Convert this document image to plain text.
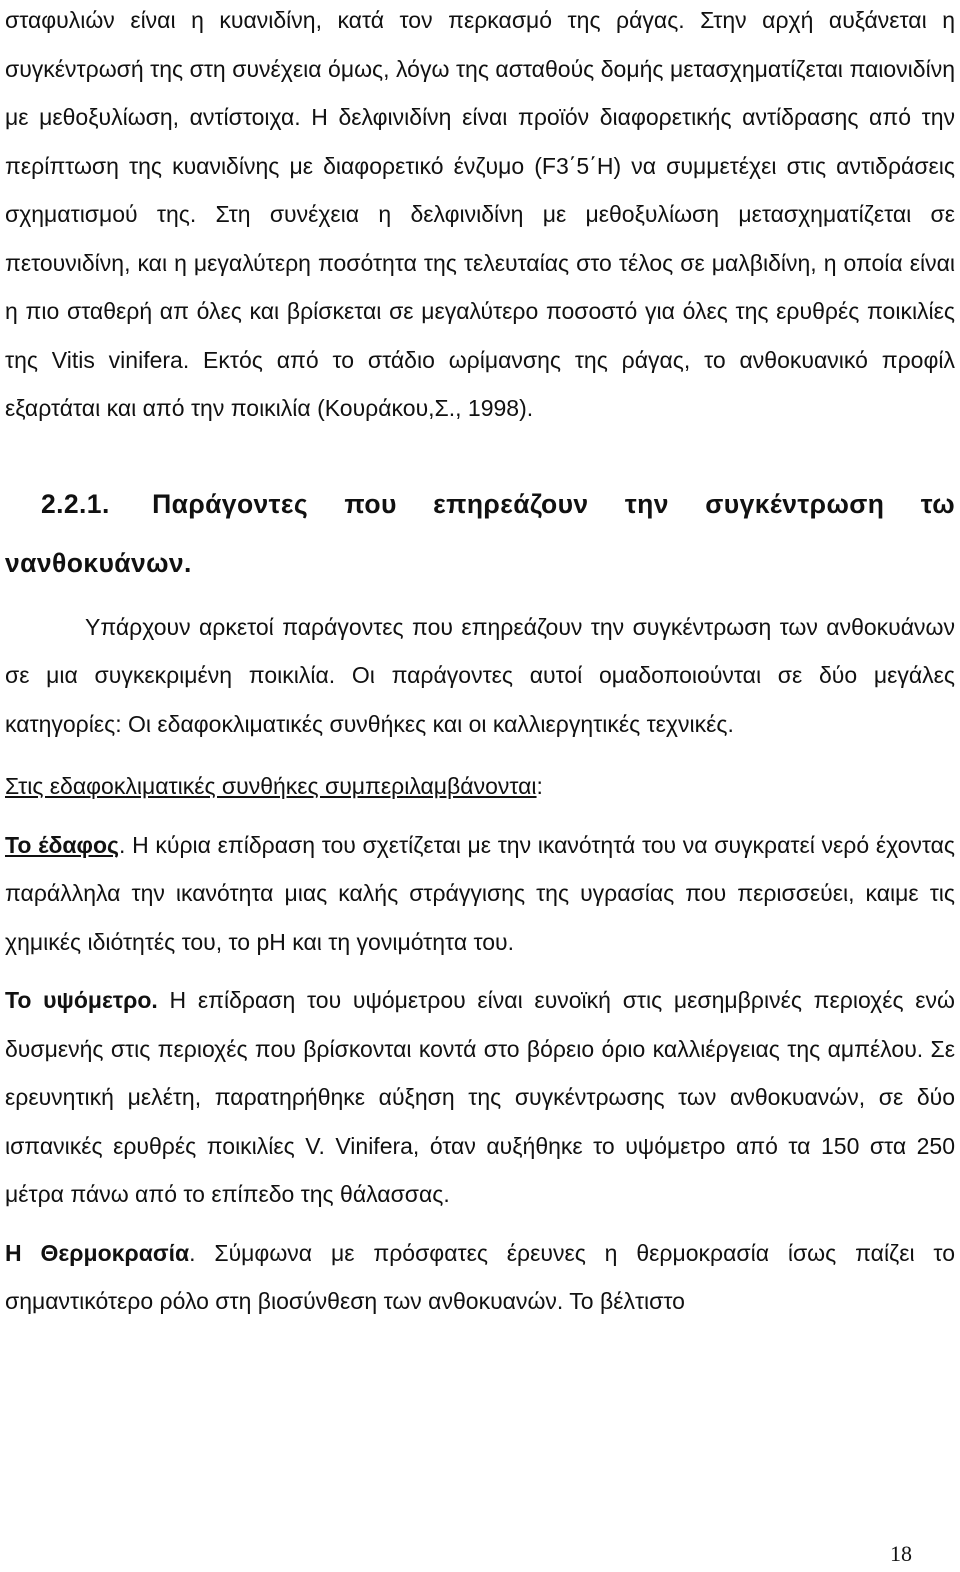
σταφυλιών είναι η κυανιδίνη, κατά τον περκασμό της ράγας. Στην αρχή αυξάνεται η συγκέντρωσή της στη συνέχεια όμως, λόγω της ασταθούς δομής μετασχηματίζεται παιονιδίνη με μεθοξυλίωση, αντίστοιχα. Η δελφινιδίνη είναι προϊόν διαφορετικής αντίδρασης από την περίπτωση της κυανιδίνης με διαφορετικό ένζυμο (F3΄5΄H) να συμμετέχει στις αντιδράσεις σχηματισμού της. Στη συνέχεια η δελφινιδίνη με μεθοξυλίωση μετασχηματίζεται σε πετουνιδίνη, και η μεγαλύτερη ποσότητα της τελευταίας στο τέλος σε μαλβιδίνη, η οποία είναι η πιο σταθερή απ όλες και βρίσκεται σε μεγαλύτερο ποσοστό για όλες της ερυθρές ποικιλίες της Vitis vinifera. Εκτός από το στάδιο ωρίμανσης της ράγας, το ανθοκυανικό προφίλ εξαρτάται και από την ποικιλία (Κουράκου,Σ., 1998).

2.2.1. Παράγοντες που επηρεάζουν την συγκέντρωση τω νανθοκυάνων.

Υπάρχουν αρκετοί παράγοντες που επηρεάζουν την συγκέντρωση των ανθοκυάνων σε μια συγκεκριμένη ποικιλία. Οι παράγοντες αυτοί ομαδοποιούνται σε δύο μεγάλες κατηγορίες: Οι εδαφοκλιματικές συνθήκες και οι καλλιεργητικές τεχνικές.

Στις εδαφοκλιματικές συνθήκες συμπεριλαμβάνονται:

Το έδαφος. Η κύρια επίδραση του σχετίζεται με την ικανότητά του να συγκρατεί νερό έχοντας παράλληλα την ικανότητα μιας καλής στράγγισης της υγρασίας που περισσεύει, καιμε τις χημικές ιδιότητές του, το pH και τη γονιμότητα του.

Το υψόμετρο. Η επίδραση του υψόμετρου είναι ευνοϊκή στις μεσημβρινές περιοχές ενώ δυσμενής στις περιοχές που βρίσκονται κοντά στο βόρειο όριο καλλιέργειας της αμπέλου. Σε ερευνητική μελέτη, παρατηρήθηκε αύξηση της συγκέντρωσης των ανθοκυανών, σε δύο ισπανικές ερυθρές ποικιλίες V. Vinifera, όταν αυξήθηκε το υψόμετρο από τα 150 στα 250 μέτρα πάνω από το επίπεδο της θάλασσας.

Η Θερμοκρασία. Σύμφωνα με πρόσφατες έρευνες η θερμοκρασία ίσως παίζει το σημαντικότερο ρόλο στη βιοσύνθεση των ανθοκυανών. Το βέλτιστο

18
